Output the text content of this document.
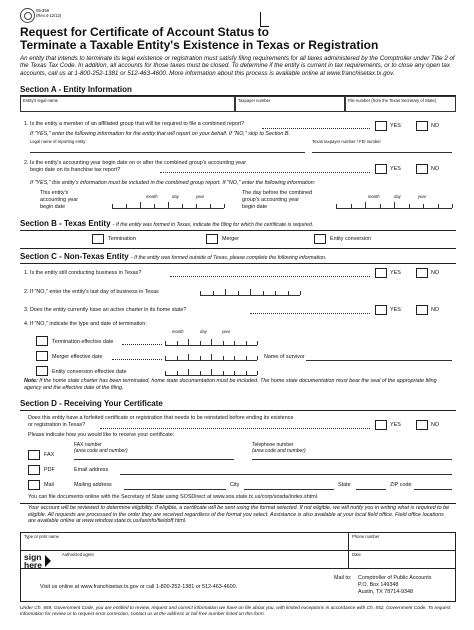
05-359
(Rev.4-12/12)
Request for Certificate of Account Status to
Terminate a Taxable Entity's Existence in Texas or Registration
An entity that intends to terminate its legal existence or registration must satisfy filing requirements for all taxes administered by the Comptroller under Title 2 of the Texas Tax Code. In addition, all accounts for those taxes must be closed. To determine if the entity is current in tax requirements, or to close any open tax accounts, call us at 1-800-252-1381 or 512-463-4600. More information about this process is available online at www.franchisetax.tx.gov.
Section A - Entity Information
Entity's legal name	Taxpayer number	File number (from the Texas Secretary of State)
1. Is the entity a member of an affiliated group that will be required to file a combined report?	YES	NO
If "YES," enter the following information for the entity that will report on your behalf. If "NO," skip to Section B.
Legal name of reporting entity	Texas taxpayer number / FEI number
2. Is the entity's accounting year begin date on or after the combined group's accounting year
begin date on its franchise tax report?	YES	NO
If "YES," this entity's information must be included in the combined group report. If "NO," enter the following information:
This entity's
accounting year
begin date
month	day	year
The day before the combined
group's accounting year
begin date
month	day	year
Section B - Texas Entity - If the entity was formed in Texas, indicate the filing for which the certificate is required.
Termination	Merger	Entity conversion
Section C - Non-Texas Entity - If the entity was formed outside of Texas, please complete the following information.
1. Is the entity still conducting business in Texas?	YES	NO
2. If "NO," enter the entity's last day of business in Texas
3. Does the entity currently have an active charter in its home state?	YES	NO
4. If "NO," indicate the type and date of termination:
month	day	year
Termination effective date
Merger effective date	Name of survivor
Entity conversion effective date
Note: If the home state charter has been terminated, home state documentation must be included. The home state documentation must bear the seal of the appropriate filing agency and the effective date of the filing.
Section D - Receiving Your Certificate
Does this entity have a forfeited certificate or registration that needs to be reinstated before ending its existence
or registration in Texas?	YES	NO
Please indicate how you would like to receive your certificate:
FAX number
(area code and number)
Telephone number
(area code and number)
FAX
PDF	Email address
Mail	Mailing address	City	State	ZIP code
You can file documents online with the Secretary of State using SOSDirect at www.sos.state.tx.us/corp/sosda/index.shtml.
Your account will be reviewed to determine eligibility. If eligible, a certificate will be sent using the format selected. If not eligible, we will notify you in writing what is required to be eligible. All requests are processed in the order they are received regardless of the format you select. Assistance is also available at your local field office. Field office locations are available online at www.window.state.tx.us/taxinfo/fieldoff.html.
Type or print name	Phone number
sign
here
Authorized agent	Date
Visit us online at www.franchisetax.tx.gov or call 1-800-252-1381 or 512-463-4600.
Mail to: Comptroller of Public Accounts
P.O. Box 149348
Austin, TX 78714-9348
Under Ch. 559, Government Code, you are entitled to review, request and correct information we have on file about you, with limited exceptions in accordance with Ch. 552, Government Code. To request information for review or to request error correction, contact us at the address or toll-free number listed on this form.
